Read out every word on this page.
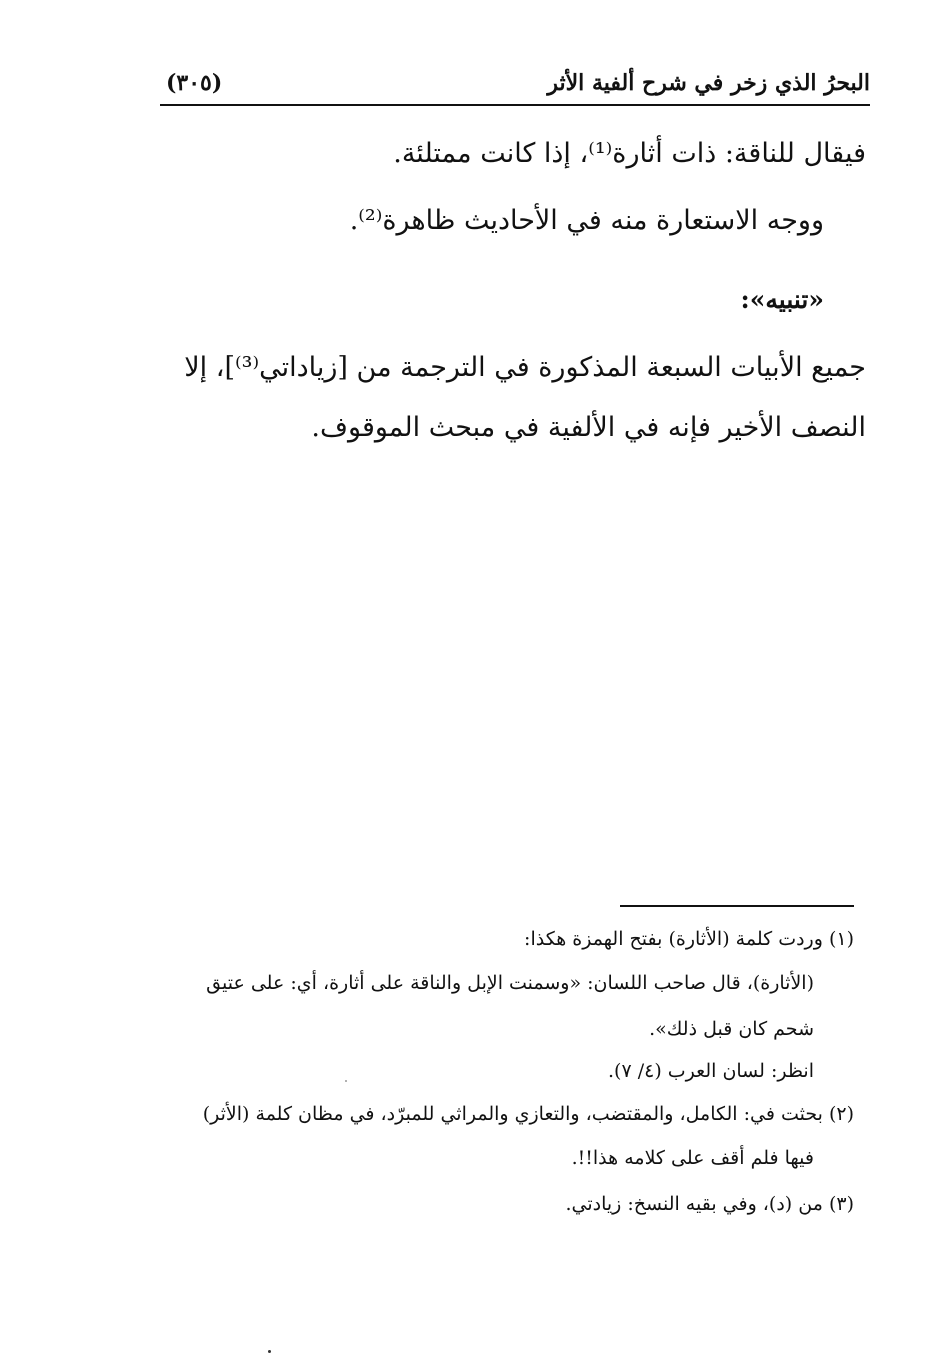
البحرُ الذي زخر في شرح ألفية الأثر
(٣٠٥)
فيقال للناقة: ذات أثارة⁽¹⁾، إذا كانت ممتلئة.
ووجه الاستعارة منه في الأحاديث ظاهرة⁽²⁾.
«تنبيه»:
جميع الأبيات السبعة المذكورة في الترجمة من [زياداتي⁽³⁾]، إلا
النصف الأخير فإنه في الألفية في مبحث الموقوف.
(١) وردت كلمة (الأثارة) بفتح الهمزة هكذا:
(الأثارة)، قال صاحب اللسان: «وسمنت الإبل والناقة على أثارة، أي: على عتيق
شحم كان قبل ذلك».
انظر: لسان العرب (٤/ ٧).
(٢) بحثت في: الكامل، والمقتضب، والتعازي والمراثي للمبرّد، في مظان كلمة (الأثر)
فيها فلم أقف على كلامه هذا!!.
(٣) من (د)، وفي بقيه النسخ: زيادتي.
